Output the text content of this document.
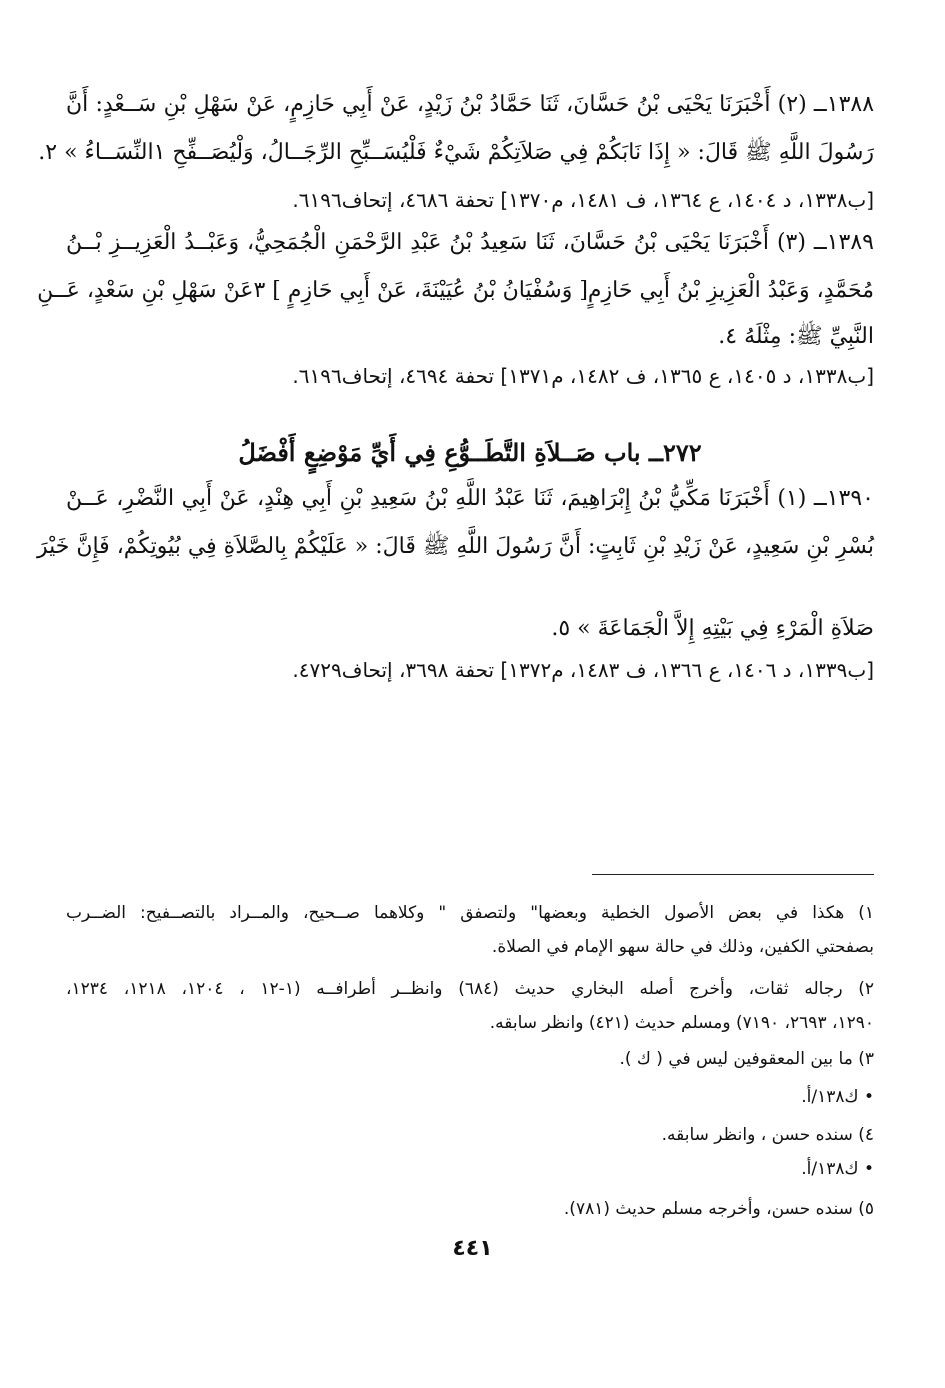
١٣٨٨ــ (٢) أَخْبَرَنَا يَحْيَى بْنُ حَسَّانَ، ثَنَا حَمَّادُ بْنُ زَيْدٍ، عَنْ أَبِي حَازِمٍ، عَنْ سَهْلِ بْنِ سَــعْدٍ: أَنَّ
رَسُولَ اللَّهِ ﷺ قَالَ: « إِذَا نَابَكُمْ فِي صَلاَتِكُمْ شَيْءٌ فَلْيُسَــبِّحِ الرِّجَــالُ، وَلْيُصَــفِّحِ ١النِّسَــاءُ » ٢.
[ب١٣٣٨، د ١٤٠٤، ع ١٣٦٤، ف ١٤٨١، م١٣٧٠] تحفة ٤٦٨٦، إتحاف٦١٩٦.
١٣٨٩ــ (٣) أَخْبَرَنَا يَحْيَى بْنُ حَسَّانَ، ثَنَا سَعِيدُ بْنُ عَبْدِ الرَّحْمَنِ الْجُمَحِيُّ، وَعَبْــدُ الْعَزِيــزِ بْــنُ
مُحَمَّدٍ، وَعَبْدُ الْعَزِيزِ بْنُ أَبِي حَازِمٍ[ وَسُفْيَانُ بْنُ عُيَيْنَةَ، عَنْ أَبِي حَازِمٍ ] ٣عَنْ سَهْلِ بْنِ سَعْدٍ، عَــنِ
النَّبِيِّ ﷺ: مِثْلَهُ ٤.
[ب١٣٣٨، د ١٤٠٥، ع ١٣٦٥، ف ١٤٨٢، م١٣٧١] تحفة ٤٦٩٤، إتحاف٦١٩٦.
٢٧٢ــ باب صَــلاَةِ التَّطَــوُّعِ فِي أَيِّ مَوْضِعٍ أَفْضَلُ
١٣٩٠ــ (١) أَخْبَرَنَا مَكِّيُّ بْنُ إِبْرَاهِيمَ، ثَنَا عَبْدُ اللَّهِ بْنُ سَعِيدِ بْنِ أَبِي هِنْدٍ، عَنْ أَبِي النَّضْرِ، عَــنْ
بُسْرِ بْنِ سَعِيدٍ، عَنْ زَيْدِ بْنِ ثَابِتٍ: أَنَّ رَسُولَ اللَّهِ ﷺ قَالَ: « عَلَيْكُمْ بِالصَّلاَةِ فِي بُيُوتِكُمْ، فَإِنَّ خَيْرَ
صَلاَةِ الْمَرْءِ فِي بَيْتِهِ إِلاَّ الْجَمَاعَةَ » ٥.
[ب١٣٣٩، د ١٤٠٦، ع ١٣٦٦، ف ١٤٨٣، م١٣٧٢] تحفة ٣٦٩٨، إتحاف٤٧٢٩.
١) هكذا في بعض الأصول الخطية وبعضها" ولتصفق " وكلاهما صــحيح، والمــراد بالتصــفيح: الضــرب
بصفحتي الكفين، وذلك في حالة سهو الإمام في الصلاة.
٢) رجاله ثقات، وأخرج أصله البخاري حديث (٦٨٤) وانظــر أطرافــه (١-١٢ ، ١٢٠٤، ١٢١٨، ١٢٣٤،
١٢٩٠، ٢٦٩٣، ٧١٩٠) ومسلم حديث (٤٢١) وانظر سابقه.
٣) ما بين المعقوفين ليس في ( ك ).
• ك١٣٨/أ.
٤) سنده حسن ، وانظر سابقه.
• ك١٣٨/أ.
٥) سنده حسن، وأخرجه مسلم حديث (٧٨١).
٤٤١
